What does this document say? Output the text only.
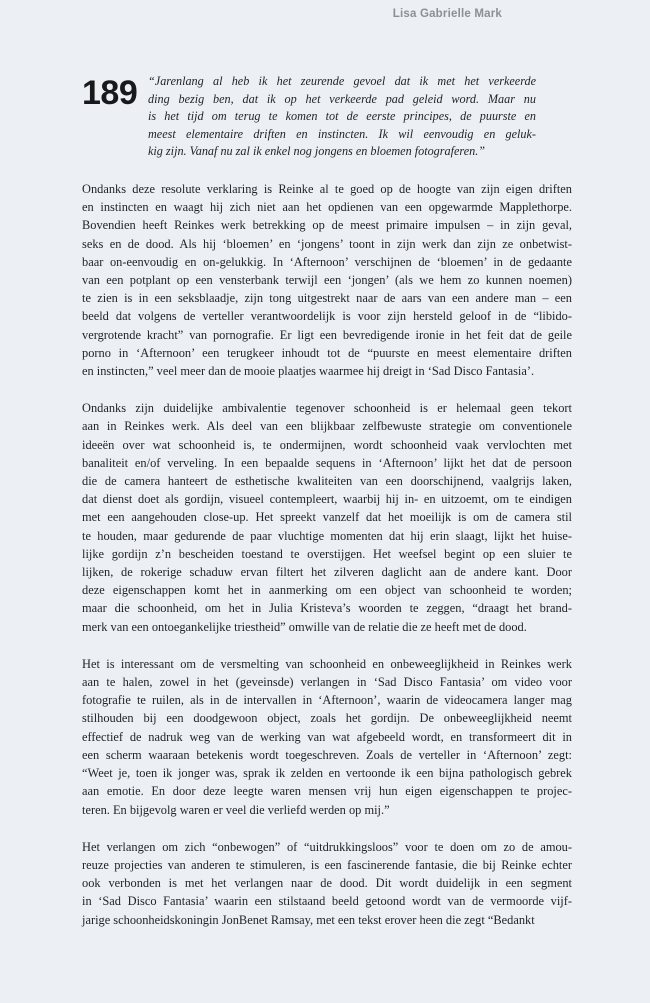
Lisa Gabrielle Mark
189 “Jarenlang al heb ik het zeurende gevoel dat ik met het verkeerde
ding bezig ben, dat ik op het verkeerde pad geleid word. Maar nu
is het tijd om terug te komen tot de eerste principes, de puurste en
meest elementaire driften en instincten. Ik wil eenvoudig en geluk-
kig zijn. Vanaf nu zal ik enkel nog jongens en bloemen fotograferen.”
Ondanks deze resolute verklaring is Reinke al te goed op de hoogte van zijn eigen driften
en instincten en waagt hij zich niet aan het opdienen van een opgewarmde Mapplethorpe.
Bovendien heeft Reinkes werk betrekking op de meest primaire impulsen – in zijn geval,
seks en de dood. Als hij ‘bloemen’ en ‘jongens’ toont in zijn werk dan zijn ze onbetwist-
baar on-eenvoudig en on-gelukkig. In ‘Afternoon’ verschijnen de ‘bloemen’ in de gedaante
van een potplant op een vensterbank terwijl een ‘jongen’ (als we hem zo kunnen noemen)
te zien is in een seksblaadje, zijn tong uitgestrekt naar de aars van een andere man – een
beeld dat volgens de verteller verantwoordelijk is voor zijn hersteld geloof in de “libido-
vergrotende kracht” van pornografie. Er ligt een bevredigende ironie in het feit dat de geile
porno in ‘Afternoon’ een terugkeer inhoudt tot de “puurste en meest elementaire driften
en instincten,” veel meer dan de mooie plaatjes waarmee hij dreigt in ‘Sad Disco Fantasia’.
Ondanks zijn duidelijke ambivalentie tegenover schoonheid is er helemaal geen tekort
aan in Reinkes werk. Als deel van een blijkbaar zelfbewuste strategie om conventionele
ideeën over wat schoonheid is, te ondermijnen, wordt schoonheid vaak vervlochten met
banaliteit en/of verveling. In een bepaalde sequens in ‘Afternoon’ lijkt het dat de persoon
die de camera hanteert de esthetische kwaliteiten van een doorschijnend, vaalgrijs laken,
dat dienst doet als gordijn, visueel contempleert, waarbij hij in- en uitzoemt, om te eindigen
met een aangehouden close-up. Het spreekt vanzelf dat het moeilijk is om de camera stil
te houden, maar gedurende de paar vluchtige momenten dat hij erin slaagt, lijkt het huise-
lijke gordijn z’n bescheiden toestand te overstijgen. Het weefsel begint op een sluier te
lijken, de rokerige schaduw ervan filtert het zilveren daglicht aan de andere kant. Door
deze eigenschappen komt het in aanmerking om een object van schoonheid te worden;
maar die schoonheid, om het in Julia Kristeva’s woorden te zeggen, “draagt het brand-
merk van een ontoegankelijke triestheid” omwille van de relatie die ze heeft met de dood.
Het is interessant om de versmelting van schoonheid en onbeweeglijkheid in Reinkes werk
aan te halen, zowel in het (geveinsde) verlangen in ‘Sad Disco Fantasia’ om video voor
fotografie te ruilen, als in de intervallen in ‘Afternoon’, waarin de videocamera langer mag
stilhouden bij een doodgewoon object, zoals het gordijn. De onbeweeglijkheid neemt
effectief de nadruk weg van de werking van wat afgebeeld wordt, en transformeert dit in
een scherm waaraan betekenis wordt toegeschreven. Zoals de verteller in ‘Afternoon’ zegt:
“Weet je, toen ik jonger was, sprak ik zelden en vertoonde ik een bijna pathologisch gebrek
aan emotie. En door deze leegte waren mensen vrij hun eigen eigenschappen te projec-
teren. En bijgevolg waren er veel die verliefd werden op mij.”
Het verlangen om zich “onbewogen” of “uitdrukkingsloos” voor te doen om zo de amou-
reuze projecties van anderen te stimuleren, is een fascinerende fantasie, die bij Reinke echter
ook verbonden is met het verlangen naar de dood. Dit wordt duidelijk in een segment
in ‘Sad Disco Fantasia’ waarin een stilstaand beeld getoond wordt van de vermoorde vijf-
jarige schoonheidskoningin JonBenet Ramsay, met een tekst erover heen die zegt “Bedankt
